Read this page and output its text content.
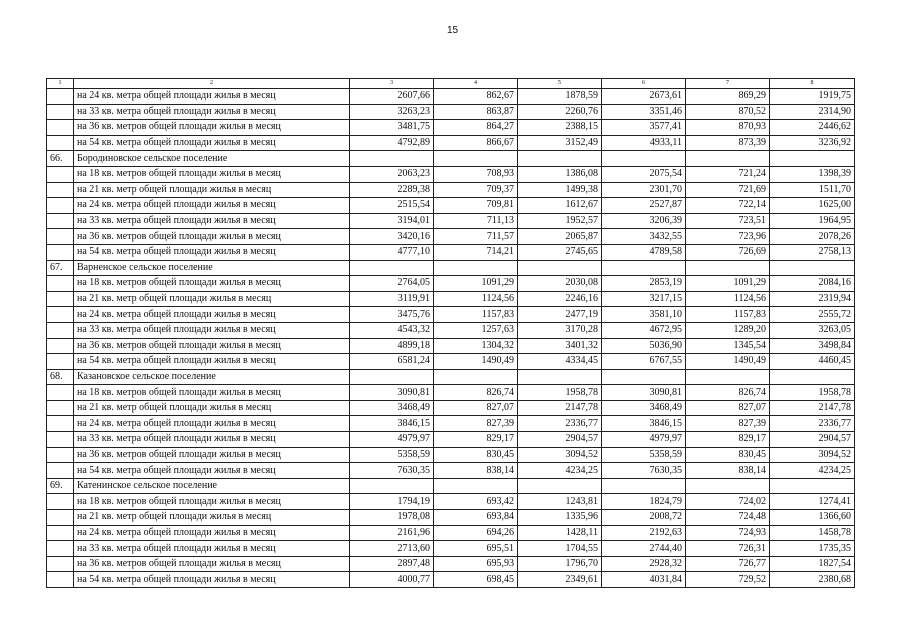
15
1	2	3	4	5	6	7	8
	на 24 кв. метра общей площади жилья в месяц	2607,66	862,67	1878,59	2673,61	869,29	1919,75
	на 33 кв. метра общей площади жилья в месяц	3263,23	863,87	2260,76	3351,46	870,52	2314,90
	на 36 кв. метров общей площади жилья в месяц	3481,75	864,27	2388,15	3577,41	870,93	2446,62
	на 54 кв. метра общей площади жилья в месяц	4792,89	866,67	3152,49	4933,11	873,39	3236,92
66.	Бородиновское сельское поселение						
	на 18 кв. метров общей площади жилья в месяц	2063,23	708,93	1386,08	2075,54	721,24	1398,39
	на 21 кв. метр общей площади жилья в месяц	2289,38	709,37	1499,38	2301,70	721,69	1511,70
	на 24 кв. метра общей площади жилья в месяц	2515,54	709,81	1612,67	2527,87	722,14	1625,00
	на 33 кв. метра общей площади жилья в месяц	3194,01	711,13	1952,57	3206,39	723,51	1964,95
	на 36 кв. метров общей площади жилья в месяц	3420,16	711,57	2065,87	3432,55	723,96	2078,26
	на 54 кв. метра общей площади жилья в месяц	4777,10	714,21	2745,65	4789,58	726,69	2758,13
67.	Варненское сельское поселение						
	на 18 кв. метров общей площади жилья в месяц	2764,05	1091,29	2030,08	2853,19	1091,29	2084,16
	на 21 кв. метр общей площади жилья в месяц	3119,91	1124,56	2246,16	3217,15	1124,56	2319,94
	на 24 кв. метра общей площади жилья в месяц	3475,76	1157,83	2477,19	3581,10	1157,83	2555,72
	на 33 кв. метра общей площади жилья в месяц	4543,32	1257,63	3170,28	4672,95	1289,20	3263,05
	на 36 кв. метров общей площади жилья в месяц	4899,18	1304,32	3401,32	5036,90	1345,54	3498,84
	на 54 кв. метра общей площади жилья в месяц	6581,24	1490,49	4334,45	6767,55	1490,49	4460,45
68.	Казановское сельское поселение						
	на 18 кв. метров общей площади жилья в месяц	3090,81	826,74	1958,78	3090,81	826,74	1958,78
	на 21 кв. метр общей площади жилья в месяц	3468,49	827,07	2147,78	3468,49	827,07	2147,78
	на 24 кв. метра общей площади жилья в месяц	3846,15	827,39	2336,77	3846,15	827,39	2336,77
	на 33 кв. метра общей площади жилья в месяц	4979,97	829,17	2904,57	4979,97	829,17	2904,57
	на 36 кв. метров общей площади жилья в месяц	5358,59	830,45	3094,52	5358,59	830,45	3094,52
	на 54 кв. метра общей площади жилья в месяц	7630,35	838,14	4234,25	7630,35	838,14	4234,25
69.	Катенинское сельское поселение						
	на 18 кв. метров общей площади жилья в месяц	1794,19	693,42	1243,81	1824,79	724,02	1274,41
	на 21 кв. метр общей площади жилья в месяц	1978,08	693,84	1335,96	2008,72	724,48	1366,60
	на 24 кв. метра общей площади жилья в месяц	2161,96	694,26	1428,11	2192,63	724,93	1458,78
	на 33 кв. метра общей площади жилья в месяц	2713,60	695,51	1704,55	2744,40	726,31	1735,35
	на 36 кв. метров общей площади жилья в месяц	2897,48	695,93	1796,70	2928,32	726,77	1827,54
	на 54 кв. метра общей площади жилья в месяц	4000,77	698,45	2349,61	4031,84	729,52	2380,68
